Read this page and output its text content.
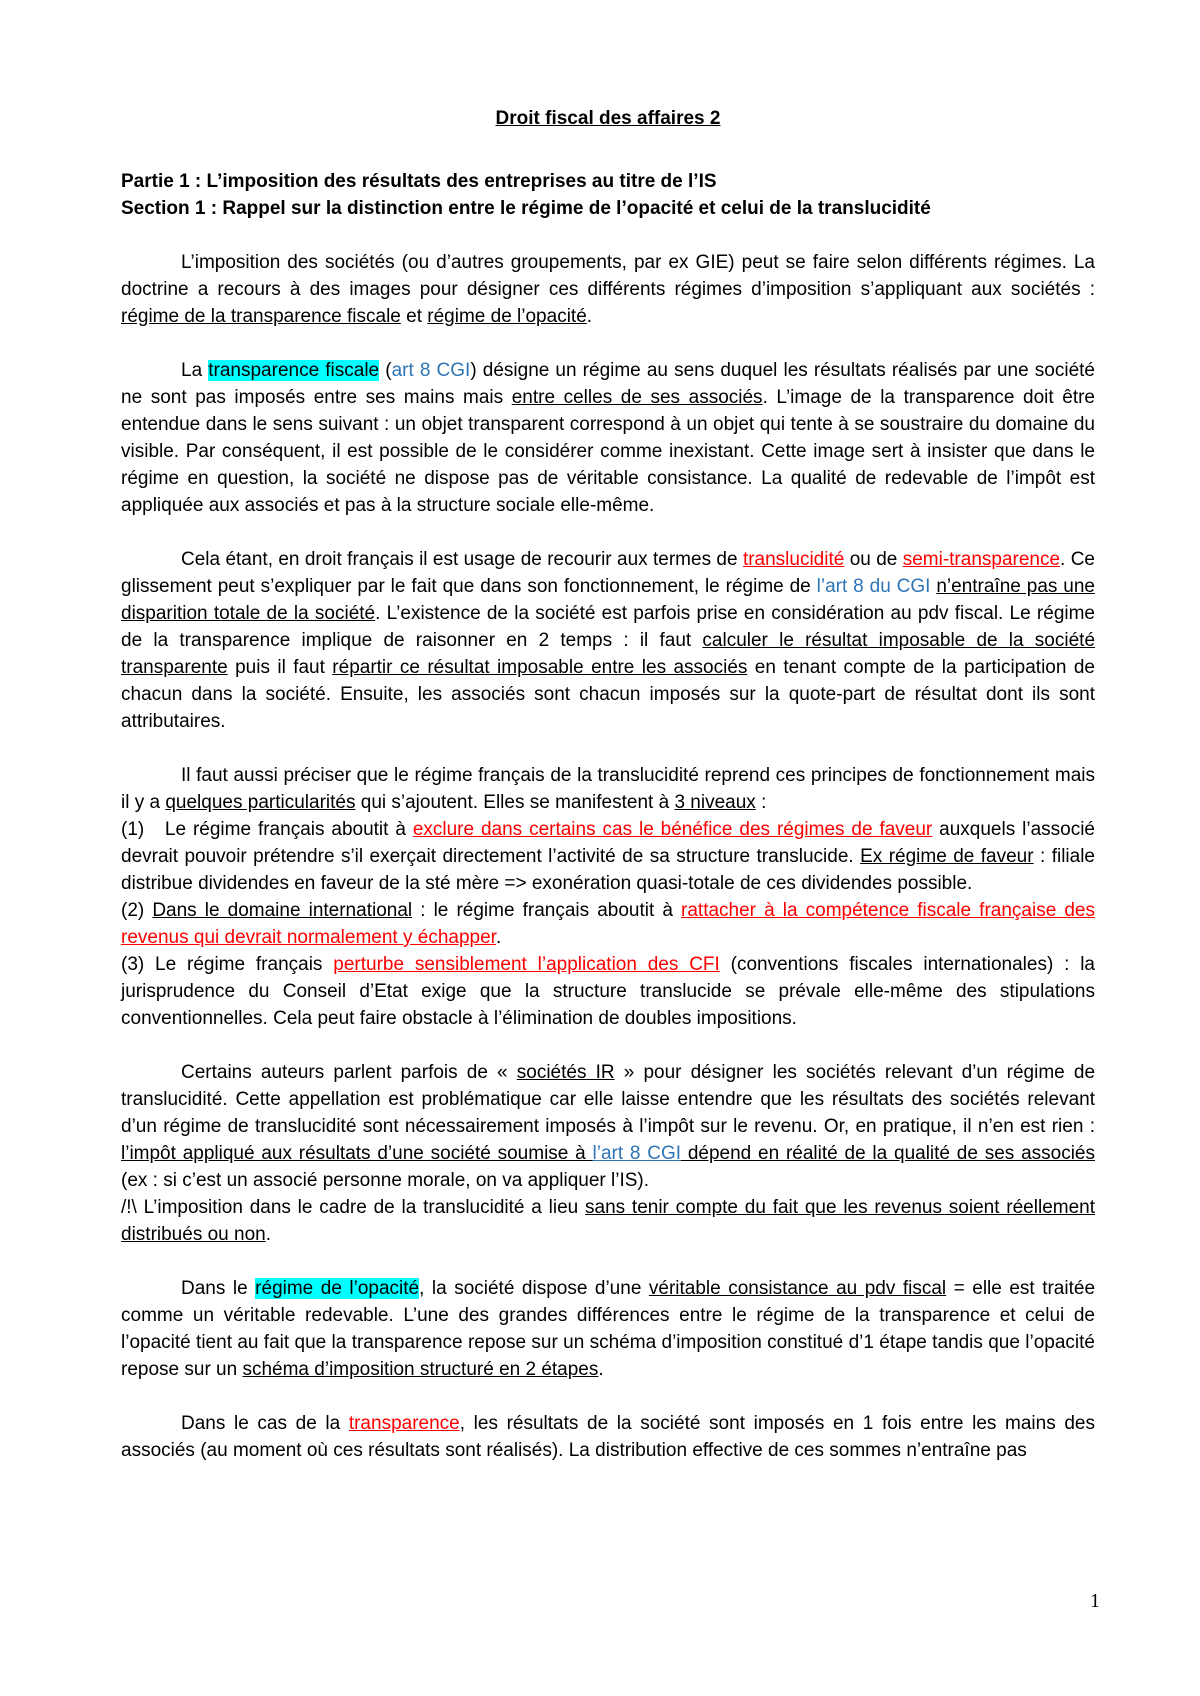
Droit fiscal des affaires 2
Partie 1 : L’imposition des résultats des entreprises au titre de l’IS
Section 1 : Rappel sur la distinction entre le régime de l’opacité et celui de la translucidité

L’imposition des sociétés (ou d’autres groupements, par ex GIE) peut se faire selon différents régimes. La doctrine a recours à des images pour désigner ces différents régimes d’imposition s’appliquant aux sociétés : régime de la transparence fiscale et régime de l’opacité.

La transparence fiscale (art 8 CGI) désigne un régime au sens duquel les résultats réalisés par une société ne sont pas imposés entre ses mains mais entre celles de ses associés. L’image de la transparence doit être entendue dans le sens suivant : un objet transparent correspond à un objet qui tente à se soustraire du domaine du visible. Par conséquent, il est possible de le considérer comme inexistant. Cette image sert à insister que dans le régime en question, la société ne dispose pas de véritable consistance. La qualité de redevable de l’impôt est appliquée aux associés et pas à la structure sociale elle-même.

Cela étant, en droit français il est usage de recourir aux termes de translucidité ou de semi-transparence. Ce glissement peut s’expliquer par le fait que dans son fonctionnement, le régime de l’art 8 du CGI n’entraîne pas une disparition totale de la société. L’existence de la société est parfois prise en considération au pdv fiscal. Le régime de la transparence implique de raisonner en 2 temps : il faut calculer le résultat imposable de la société transparente puis il faut répartir ce résultat imposable entre les associés en tenant compte de la participation de chacun dans la société. Ensuite, les associés sont chacun imposés sur la quote-part de résultat dont ils sont attributaires.

Il faut aussi préciser que le régime français de la translucidité reprend ces principes de fonctionnement mais il y a quelques particularités qui s’ajoutent. Elles se manifestent à 3 niveaux :

(1)   Le régime français aboutit à exclure dans certains cas le bénéfice des régimes de faveur auxquels l’associé devrait pouvoir prétendre s’il exerçait directement l’activité de sa structure translucide. Ex régime de faveur : filiale distribue dividendes en faveur de la sté mère => exonération quasi-totale de ces dividendes possible.

(2) Dans le domaine international : le régime français aboutit à rattacher à la compétence fiscale française des revenus qui devrait normalement y échapper.

(3) Le régime français perturbe sensiblement l’application des CFI (conventions fiscales internationales) : la jurisprudence du Conseil d’Etat exige que la structure translucide se prévale elle-même des stipulations conventionnelles. Cela peut faire obstacle à l’élimination de doubles impositions.

Certains auteurs parlent parfois de « sociétés IR » pour désigner les sociétés relevant d’un régime de translucidité. Cette appellation est problématique car elle laisse entendre que les résultats des sociétés relevant d’un régime de translucidité sont nécessairement imposés à l’impôt sur le revenu. Or, en pratique, il n’en est rien : l’impôt appliqué aux résultats d’une société soumise à l’art 8 CGI dépend en réalité de la qualité de ses associés (ex : si c’est un associé personne morale, on va appliquer l’IS).

/!\ L’imposition dans le cadre de la translucidité a lieu sans tenir compte du fait que les revenus soient réellement distribués ou non.

Dans le régime de l’opacité, la société dispose d’une véritable consistance au pdv fiscal = elle est traitée comme un véritable redevable. L’une des grandes différences entre le régime de la transparence et celui de l’opacité tient au fait que la transparence repose sur un schéma d’imposition constitué d’1 étape tandis que l’opacité repose sur un schéma d’imposition structuré en 2 étapes.

Dans le cas de la transparence, les résultats de la société sont imposés en 1 fois entre les mains des associés (au moment où ces résultats sont réalisés). La distribution effective de ces sommes n’entraîne pas

1
